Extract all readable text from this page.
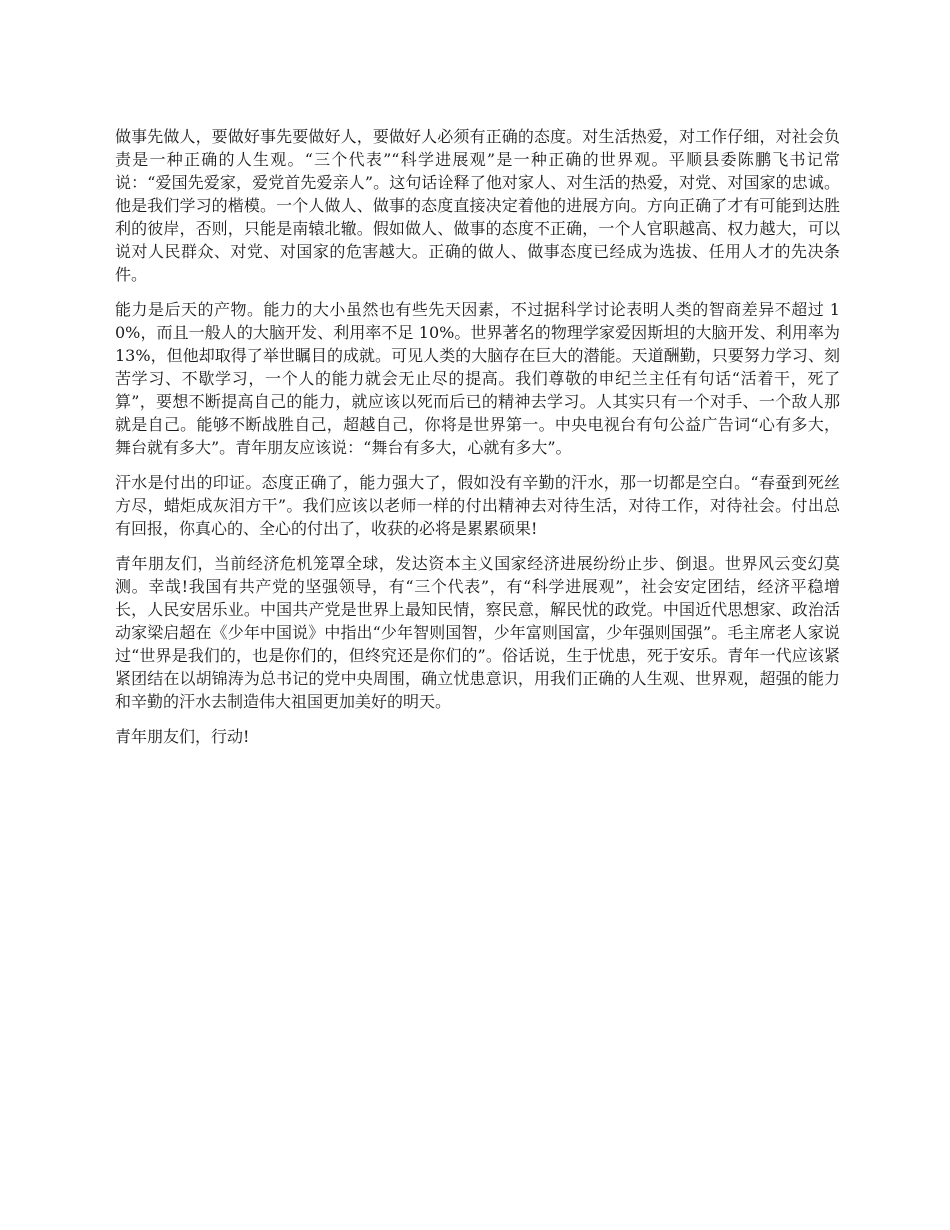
做事先做人，要做好事先要做好人，要做好人必须有正确的态度。对生活热爱，对工作仔细，对社会负责是一种正确的人生观。“三个代表”“科学进展观”是一种正确的世界观。平顺县委陈鹏飞书记常说：“爱国先爱家，爱党首先爱亲人”。这句话诠释了他对家人、对生活的热爱，对党、对国家的忠诚。他是我们学习的楷模。一个人做人、做事的态度直接决定着他的进展方向。方向正确了才有可能到达胜利的彼岸，否则，只能是南辕北辙。假如做人、做事的态度不正确，一个人官职越高、权力越大，可以说对人民群众、对党、对国家的危害越大。正确的做人、做事态度已经成为选拔、任用人才的先决条件。

能力是后天的产物。能力的大小虽然也有些先天因素，不过据科学讨论表明人类的智商差异不超过 10%，而且一般人的大脑开发、利用率不足 10%。世界著名的物理学家爱因斯坦的大脑开发、利用率为 13%，但他却取得了举世瞩目的成就。可见人类的大脑存在巨大的潜能。天道酬勤，只要努力学习、刻苦学习、不歇学习，一个人的能力就会无止尽的提高。我们尊敬的申纪兰主任有句话“活着干，死了算”，要想不断提高自己的能力，就应该以死而后已的精神去学习。人其实只有一个对手、一个敌人那就是自己。能够不断战胜自己，超越自己，你将是世界第一。中央电视台有句公益广告词“心有多大，舞台就有多大”。青年朋友应该说：“舞台有多大，心就有多大”。

汗水是付出的印证。态度正确了，能力强大了，假如没有辛勤的汗水，那一切都是空白。“春蚕到死丝方尽，蜡炬成灰泪方干”。我们应该以老师一样的付出精神去对待生活，对待工作，对待社会。付出总有回报，你真心的、全心的付出了，收获的必将是累累硕果!

青年朋友们，当前经济危机笼罩全球，发达资本主义国家经济进展纷纷止步、倒退。世界风云变幻莫测。幸哉!我国有共产党的坚强领导，有“三个代表”，有“科学进展观”，社会安定团结，经济平稳增长，人民安居乐业。中国共产党是世界上最知民情，察民意，解民忧的政党。中国近代思想家、政治活动家梁启超在《少年中国说》中指出“少年智则国智，少年富则国富，少年强则国强”。毛主席老人家说过“世界是我们的，也是你们的，但终究还是你们的”。俗话说，生于忧患，死于安乐。青年一代应该紧紧团结在以胡锦涛为总书记的党中央周围，确立忧患意识，用我们正确的人生观、世界观，超强的能力和辛勤的汗水去制造伟大祖国更加美好的明天。

青年朋友们，行动!
